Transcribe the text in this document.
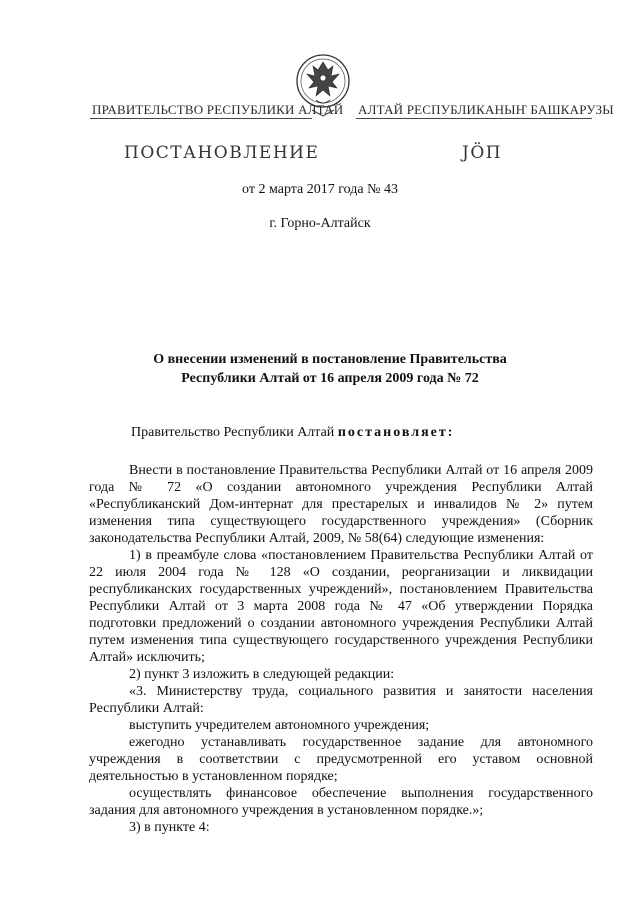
ПРАВИТЕЛЬСТВО РЕСПУБЛИКИ АЛТАЙ АЛТАЙ РЕСПУБЛИКАНЫҤ БАШКАРУЗЫ
ПОСТАНОВЛЕНИЕ	JÖП
от 2 марта 2017 года № 43
г. Горно-Алтайск
О внесении изменений в постановление Правительства Республики Алтай от 16 апреля 2009 года № 72
Правительство Республики Алтай постановляет:

Внести в постановление Правительства Республики Алтай от 16 апреля 2009 года № 72 «О создании автономного учреждения Республики Алтай «Республиканский Дом-интернат для престарелых и инвалидов № 2» путем изменения типа существующего государственного учреждения» (Сборник законодательства Республики Алтай, 2009, № 58(64) следующие изменения:

1) в преамбуле слова «постановлением Правительства Республики Алтай от 22 июля 2004 года № 128 «О создании, реорганизации и ликвидации республиканских государственных учреждений», постановлением Правительства Республики Алтай от 3 марта 2008 года № 47 «Об утверждении Порядка подготовки предложений о создании автономного учреждения Республики Алтай путем изменения типа существующего государственного учреждения Республики Алтай» исключить;

2) пункт 3 изложить в следующей редакции:

«3. Министерству труда, социального развития и занятости населения Республики Алтай:

выступить учредителем автономного учреждения;

ежегодно устанавливать государственное задание для автономного учреждения в соответствии с предусмотренной его уставом основной деятельностью в установленном порядке;

осуществлять финансовое обеспечение выполнения государственного задания для автономного учреждения в установленном порядке.»;

3) в пункте 4:
